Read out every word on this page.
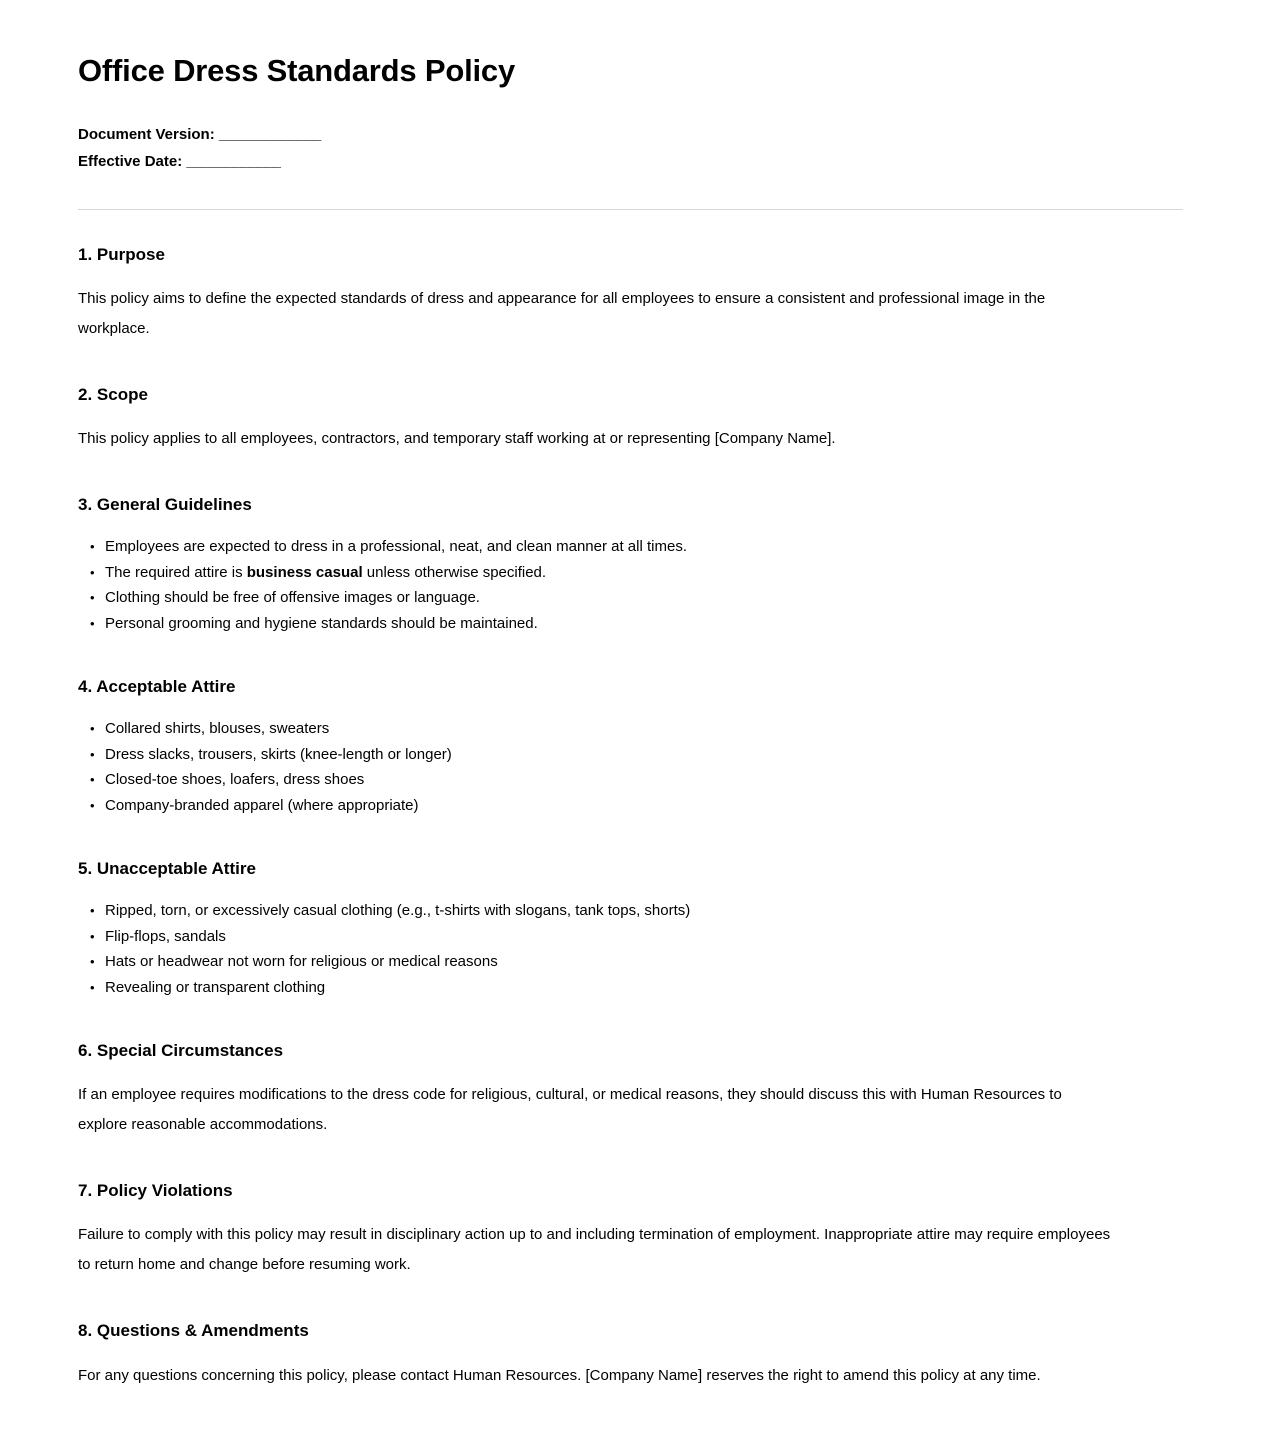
Office Dress Standards Policy
Document Version: _____________
Effective Date: ____________
1. Purpose

This policy aims to define the expected standards of dress and appearance for all employees to ensure a consistent and professional image in the workplace.

2. Scope

This policy applies to all employees, contractors, and temporary staff working at or representing [Company Name].

3. General Guidelines
• Employees are expected to dress in a professional, neat, and clean manner at all times.
• The required attire is business casual unless otherwise specified.
• Clothing should be free of offensive images or language.
• Personal grooming and hygiene standards should be maintained.
4. Acceptable Attire
• Collared shirts, blouses, sweaters
• Dress slacks, trousers, skirts (knee-length or longer)
• Closed-toe shoes, loafers, dress shoes
• Company-branded apparel (where appropriate)
5. Unacceptable Attire
• Ripped, torn, or excessively casual clothing (e.g., t-shirts with slogans, tank tops, shorts)
• Flip-flops, sandals
• Hats or headwear not worn for religious or medical reasons
• Revealing or transparent clothing
6. Special Circumstances

If an employee requires modifications to the dress code for religious, cultural, or medical reasons, they should discuss this with Human Resources to explore reasonable accommodations.

7. Policy Violations

Failure to comply with this policy may result in disciplinary action up to and including termination of employment. Inappropriate attire may require employees to return home and change before resuming work.

8. Questions & Amendments

For any questions concerning this policy, please contact Human Resources. [Company Name] reserves the right to amend this policy at any time.
